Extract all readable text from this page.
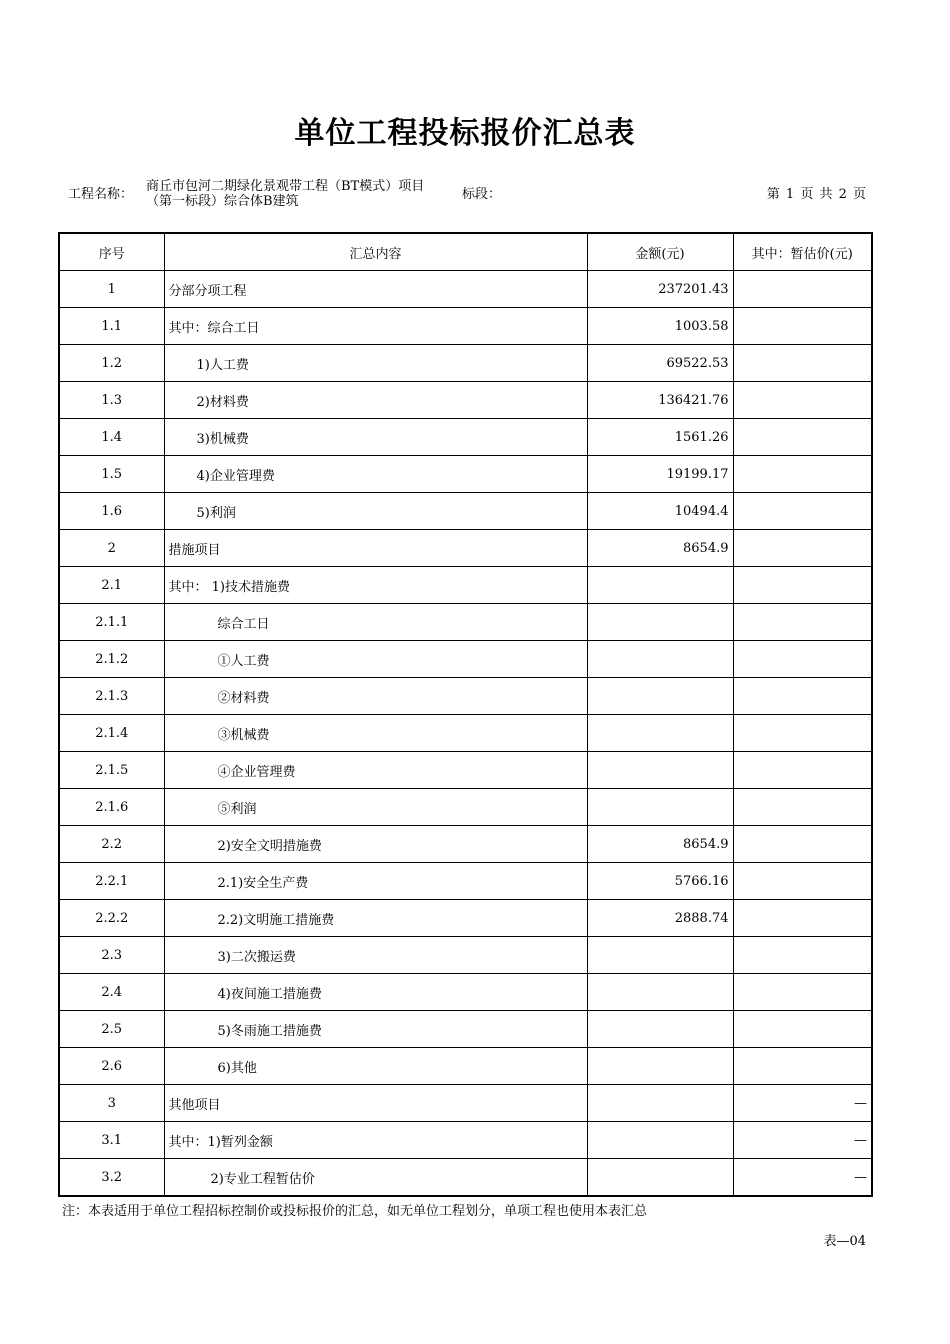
单位工程投标报价汇总表
工程名称：
商丘市包河二期绿化景观带工程（BT模式）项目（第一标段）综合体B建筑	标段：	第 1 页 共 2 页
序号	汇总内容	金额(元)	其中：暂估价(元)
1	分部分项工程	237201.43	
1.1	其中：综合工日	1003.58	
1.2	1)人工费	69522.53	
1.3	2)材料费	136421.76	
1.4	3)机械费	1561.26	
1.5	4)企业管理费	19199.17	
1.6	5)利润	10494.4	
2	措施项目	8654.9	
2.1	其中： 1)技术措施费		
2.1.1	综合工日		
2.1.2	①人工费		
2.1.3	②材料费		
2.1.4	③机械费		
2.1.5	④企业管理费		
2.1.6	⑤利润		
2.2	2)安全文明措施费	8654.9	
2.2.1	2.1)安全生产费	5766.16	
2.2.2	2.2)文明施工措施费	2888.74	
2.3	3)二次搬运费		
2.4	4)夜间施工措施费		
2.5	5)冬雨施工措施费		
2.6	6)其他		
3	其他项目		—
3.1	其中：1)暂列金额		—
3.2	2)专业工程暂估价		—
注：本表适用于单位工程招标控制价或投标报价的汇总，如无单位工程划分，单项工程也使用本表汇总
表—04
